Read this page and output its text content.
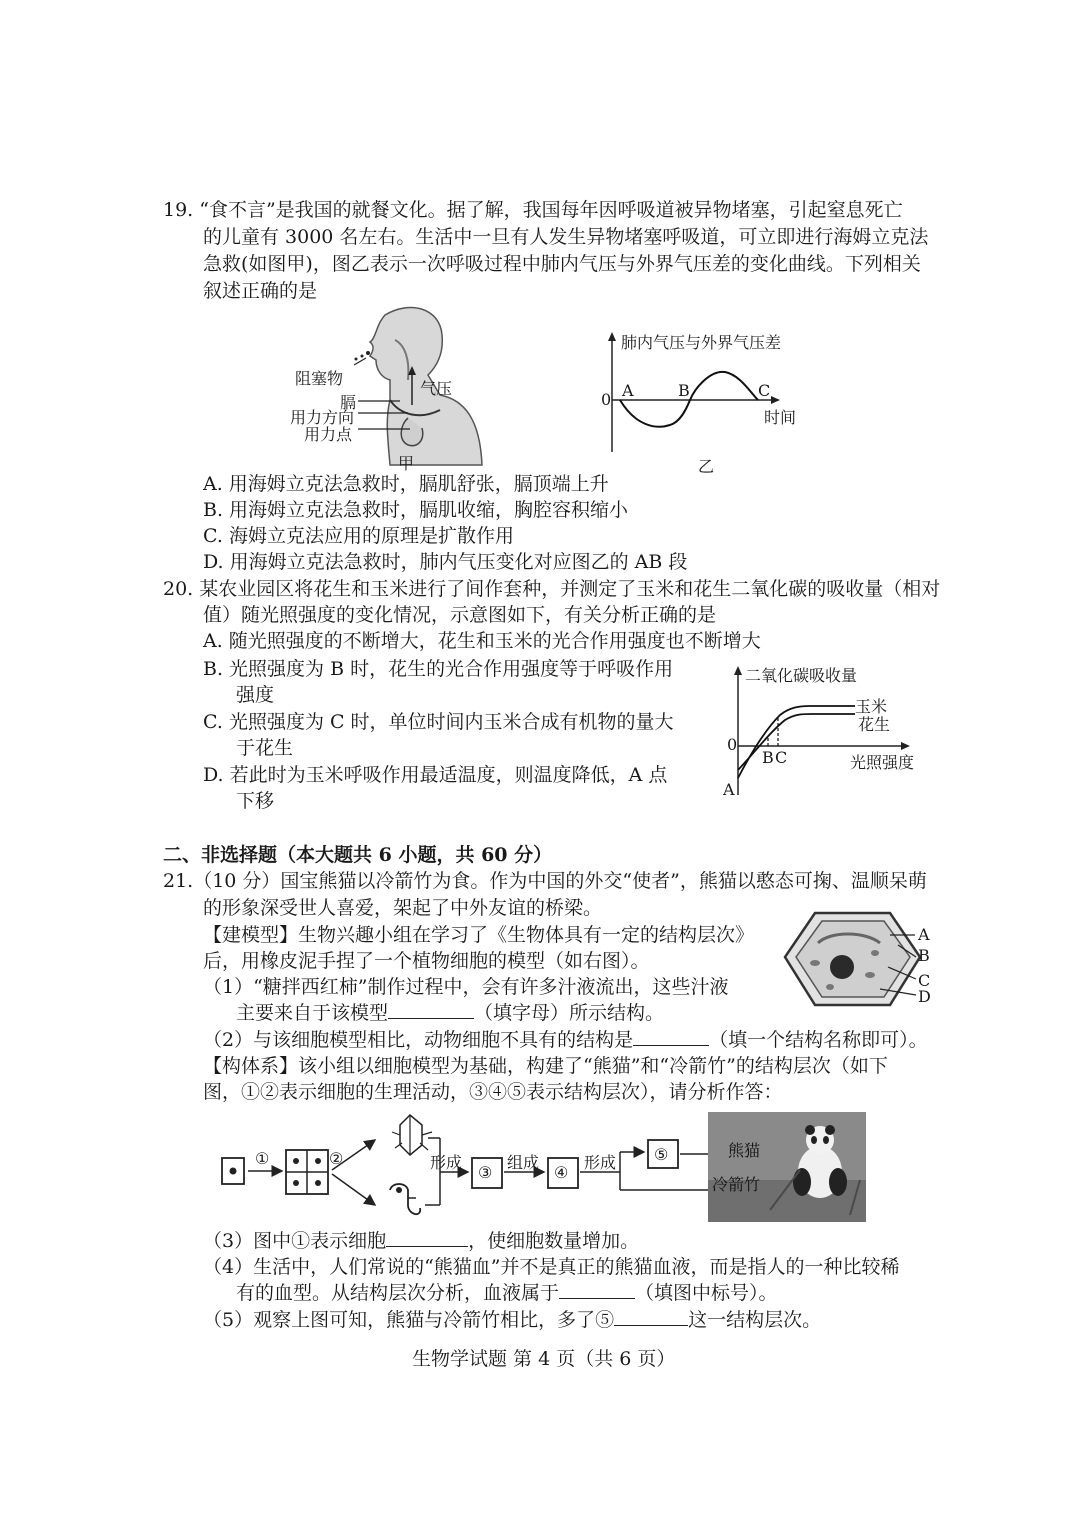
19. “食不言”是我国的就餐文化。据了解，我国每年因呼吸道被异物堵塞，引起窒息死亡
的儿童有 3000 名左右。生活中一旦有人发生异物堵塞呼吸道，可立即进行海姆立克法
急救(如图甲)，图乙表示一次呼吸过程中肺内气压与外界气压差的变化曲线。下列相关
叙述正确的是
阻塞物
气压
膈
用力方向
用力点
甲
肺内气压与外界气压差
时间
0 A	B	C
乙
A. 用海姆立克法急救时，膈肌舒张，膈顶端上升
B. 用海姆立克法急救时，膈肌收缩，胸腔容积缩小
C. 海姆立克法应用的原理是扩散作用
D. 用海姆立克法急救时，肺内气压变化对应图乙的 AB 段
20. 某农业园区将花生和玉米进行了间作套种，并测定了玉米和花生二氧化碳的吸收量（相对
值）随光照强度的变化情况，示意图如下，有关分析正确的是
A. 随光照强度的不断增大，花生和玉米的光合作用强度也不断增大
B. 光照强度为 B 时，花生的光合作用强度等于呼吸作用
强度
C. 光照强度为 C 时，单位时间内玉米合成有机物的量大
于花生
D. 若此时为玉米呼吸作用最适温度，则温度降低，A 点
下移
二氧化碳吸收量
玉米
花生
0
A
B C	光照强度
二、非选择题（本大题共 6 小题，共 60 分）
21.（10 分）国宝熊猫以冷箭竹为食。作为中国的外交“使者”，熊猫以憨态可掬、温顺呆萌
的形象深受世人喜爱，架起了中外友谊的桥梁。
【建模型】生物兴趣小组在学习了《生物体具有一定的结构层次》
后，用橡皮泥手捏了一个植物细胞的模型（如右图）。
（1）“糖拌西红柿”制作过程中，会有许多汁液流出，这些汁液
主要来自于该模型	（填字母）所示结构。
A
B
C
D
（2）与该细胞模型相比，动物细胞不具有的结构是	（填一个结构名称即可）。
【构体系】该小组以细胞模型为基础，构建了“熊猫”和“冷箭竹”的结构层次（如下
图，①②表示细胞的生理活动，③④⑤表示结构层次），请分析作答：
①	②	形成	组成	形成
③	④
⑤	熊猫
冷箭竹
（3）图中①表示细胞	，使细胞数量增加。
（4）生活中，人们常说的“熊猫血”并不是真正的熊猫血液，而是指人的一种比较稀
有的血型。从结构层次分析，血液属于	（填图中标号）。
（5）观察上图可知，熊猫与冷箭竹相比，多了⑤	这一结构层次。
生物学试题 第 4 页（共 6 页）
